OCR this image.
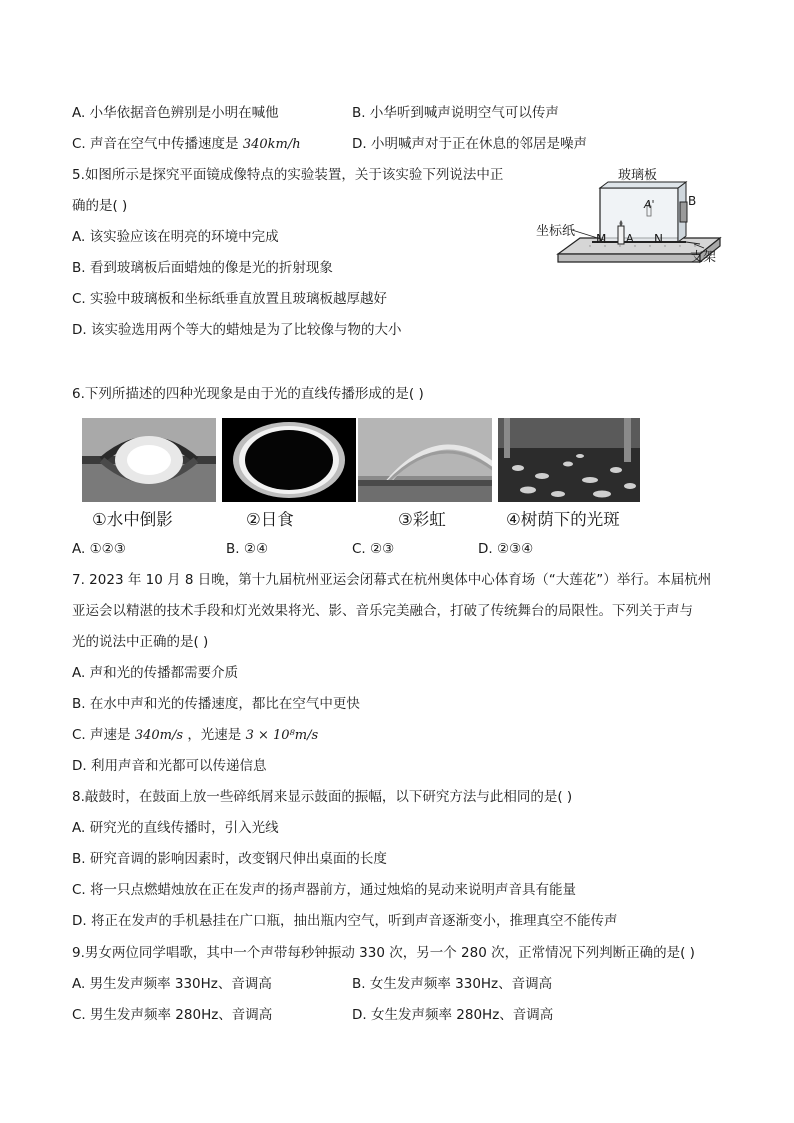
A. 小华依据音色辨别是小明在喊他	B. 小华听到喊声说明空气可以传声
C. 声音在空气中传播速度是 340km/h	D. 小明喊声对于正在休息的邻居是噪声
5.如图所示是探究平面镜成像特点的实验装置，关于该实验下列说法中正
确的是( )
A. 该实验应该在明亮的环境中完成
B. 看到玻璃板后面蜡烛的像是光的折射现象
C. 实验中玻璃板和坐标纸垂直放置且玻璃板越厚越好
D. 该实验选用两个等大的蜡烛是为了比较像与物的大小
玻璃板
坐标纸
支架
A'	B
M A N
6.下列所描述的四种光现象是由于光的直线传播形成的是( )
①水中倒影	②日食	③彩虹	④树荫下的光斑
A. ①②③	B. ②④	C. ②③	D. ②③④
7. 2023 年 10 月 8 日晚，第十九届杭州亚运会闭幕式在杭州奥体中心体育场（“大莲花”）举行。本届杭州
亚运会以精湛的技术手段和灯光效果将光、影、音乐完美融合，打破了传统舞台的局限性。下列关于声与
光的说法中正确的是( )
A. 声和光的传播都需要介质
B. 在水中声和光的传播速度，都比在空气中更快
C. 声速是 340m/s ，光速是 3 × 10⁸m/s
D. 利用声音和光都可以传递信息
8.敲鼓时，在鼓面上放一些碎纸屑来显示鼓面的振幅，以下研究方法与此相同的是( )
A. 研究光的直线传播时，引入光线
B. 研究音调的影响因素时，改变钢尺伸出桌面的长度
C. 将一只点燃蜡烛放在正在发声的扬声器前方，通过烛焰的晃动来说明声音具有能量
D. 将正在发声的手机悬挂在广口瓶，抽出瓶内空气，听到声音逐渐变小，推理真空不能传声
9.男女两位同学唱歌，其中一个声带每秒钟振动 330 次，另一个 280 次，正常情况下列判断正确的是( )
A. 男生发声频率 330Hz、音调高	B. 女生发声频率 330Hz、音调高
C. 男生发声频率 280Hz、音调高	D. 女生发声频率 280Hz、音调高
